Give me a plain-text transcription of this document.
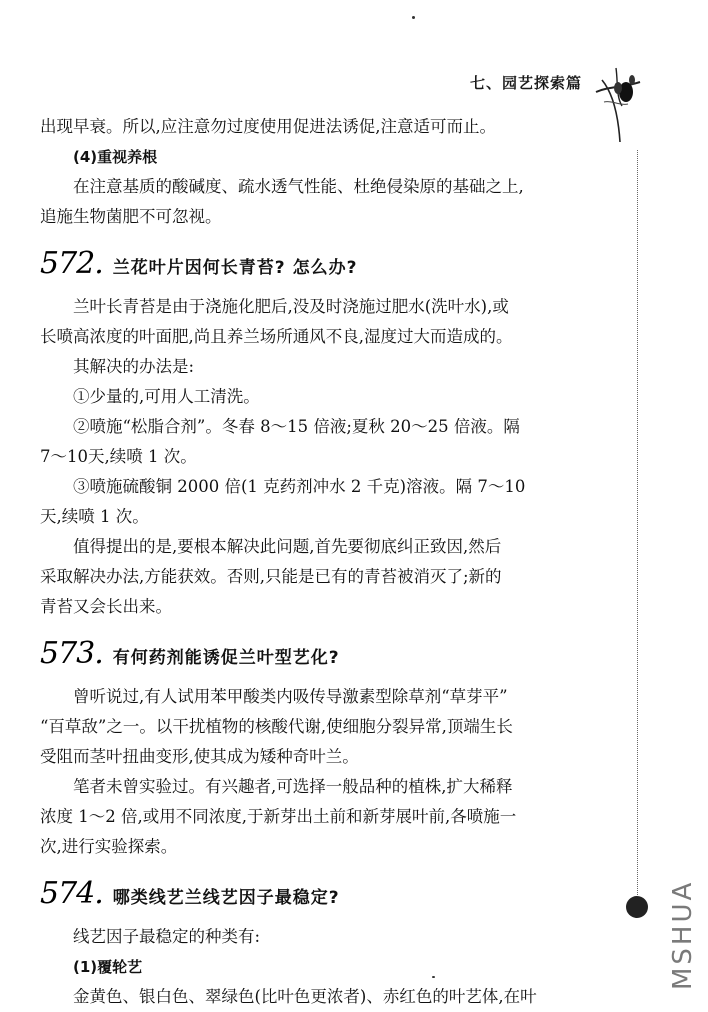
七、园艺探索篇
MSHUA
出现早衰。所以,应注意勿过度使用促进法诱促,注意适可而止。
(4)重视养根
在注意基质的酸碱度、疏水透气性能、杜绝侵染原的基础之上,
追施生物菌肥不可忽视。
572. 兰花叶片因何长青苔? 怎么办?
兰叶长青苔是由于浇施化肥后,没及时浇施过肥水(洗叶水),或
长喷高浓度的叶面肥,尚且养兰场所通风不良,湿度过大而造成的。
其解决的办法是:
①少量的,可用人工清洗。
②喷施“松脂合剂”。冬春 8～15 倍液;夏秋 20～25 倍液。隔
7～10天,续喷 1 次。
③喷施硫酸铜 2000 倍(1 克药剂冲水 2 千克)溶液。隔 7～10
天,续喷 1 次。
值得提出的是,要根本解决此问题,首先要彻底纠正致因,然后
采取解决办法,方能获效。否则,只能是已有的青苔被消灭了;新的
青苔又会长出来。
573. 有何药剂能诱促兰叶型艺化?
曾听说过,有人试用苯甲酸类内吸传导激素型除草剂“草芽平”
“百草敌”之一。以干扰植物的核酸代谢,使细胞分裂异常,顶端生长
受阻而茎叶扭曲变形,使其成为矮种奇叶兰。
笔者未曾实验过。有兴趣者,可选择一般品种的植株,扩大稀释
浓度 1～2 倍,或用不同浓度,于新芽出土前和新芽展叶前,各喷施一
次,进行实验探索。
574. 哪类线艺兰线艺因子最稳定?
线艺因子最稳定的种类有:
(1)覆轮艺
金黄色、银白色、翠绿色(比叶色更浓者)、赤红色的叶艺体,在叶
